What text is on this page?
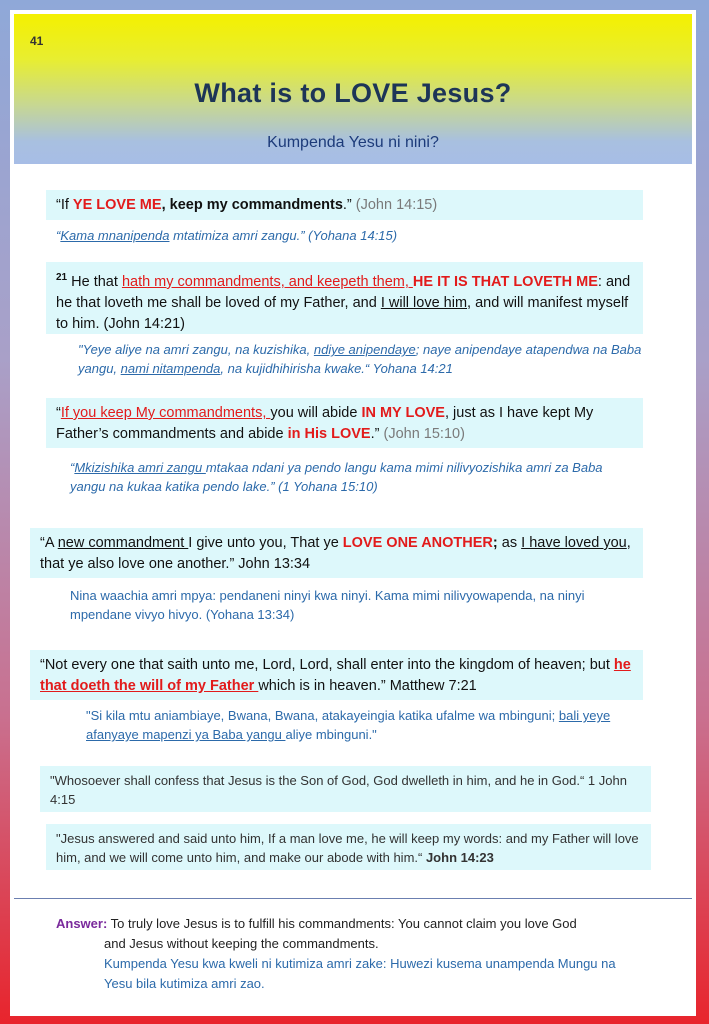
41
What is to LOVE Jesus?
Kumpenda Yesu ni nini?
“If YE LOVE ME, keep my commandments.” (John 14:15)
“Kama mnanipenda mtatimiza amri zangu.” (Yohana 14:15)
$^{21}$ He that hath my commandments, and keepeth them, HE IT IS THAT LOVETH ME: and he that loveth me shall be loved of my Father, and I will love him, and will manifest myself to him. (John 14:21)
"Yeye aliye na amri zangu, na kuzishika, ndiye anipendaye; naye anipendaye atapendwa na Baba yangu, nami nitampenda, na kujidhihirisha kwake.“ Yohana 14:21
“If you keep My commandments, you will abide IN MY LOVE, just as I have kept My Father’s commandments and abide in His LOVE.” (John 15:10)
“Mkizishika amri zangu mtakaa ndani ya pendo langu kama mimi nilivyozishika amri za Baba yangu na kukaa katika pendo lake.” (1 Yohana 15:10)
“A new commandment I give unto you, That ye LOVE ONE ANOTHER; as I have loved you, that ye also love one another.” John 13:34
Nina waachia amri mpya: pendaneni ninyi kwa ninyi. Kama mimi nilivyowapenda, na ninyi mpendane vivyo hivyo. (Yohana 13:34)
“Not every one that saith unto me, Lord, Lord, shall enter into the kingdom of heaven; but he that doeth the will of my Father which is in heaven.” Matthew 7:21
"Si kila mtu aniambiaye, Bwana, Bwana, atakayeingia katika ufalme wa mbinguni; bali yeye afanyaye mapenzi ya Baba yangu aliye mbinguni."
"Whosoever shall confess that Jesus is the Son of God, God dwelleth in him, and he in God.“ 1 John 4:15
"Jesus answered and said unto him, If a man love me, he will keep my words: and my Father will love him, and we will come unto him, and make our abode with him.“ John 14:23
Answer: To truly love Jesus is to fulfill his commandments: You cannot claim you love God
and Jesus without keeping the commandments.
Kumpenda Yesu kwa kweli ni kutimiza amri zake: Huwezi kusema unampenda Mungu na
Yesu bila kutimiza amri zao.
